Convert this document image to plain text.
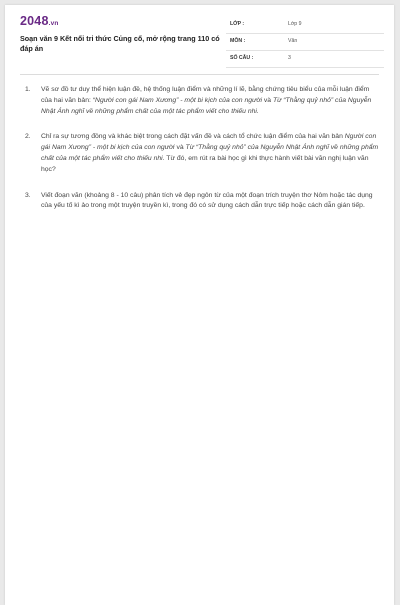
2048.vn
Soạn văn 9 Kết nối tri thức Củng cố, mở rộng trang 110 có đáp án
LỚP :	Lớp 9
MÔN :	Văn
SỐ CÂU :	3
1. Vẽ sơ đồ tư duy thể hiện luận đề, hệ thống luận điểm và những lí lẽ, bằng chứng tiêu biểu của mỗi luận điểm của hai văn bản: “Người con gái Nam Xương” - một bi kịch của con người và Từ “Thằng quỷ nhỏ” của Nguyễn Nhật Ánh nghĩ về những phẩm chất của một tác phẩm viết cho thiếu nhi.
2. Chỉ ra sự tương đồng và khác biệt trong cách đặt vấn đề và cách tổ chức luận điểm của hai văn bản Người con gái Nam Xương” - một bi kịch của con người và Từ “Thằng quỷ nhỏ” của Nguyễn Nhật Ánh nghĩ về những phẩm chất của một tác phẩm viết cho thiếu nhi. Từ đó, em rút ra bài học gì khi thực hành viết bài văn nghị luận văn học?
3. Viết đoạn văn (khoảng 8 - 10 câu) phân tích vẻ đẹp ngôn từ của một đoạn trích truyện thơ Nôm hoặc tác dụng của yếu tố kì ảo trong một truyện truyền kì, trong đó có sử dụng cách dẫn trực tiếp hoặc cách dẫn gián tiếp.
